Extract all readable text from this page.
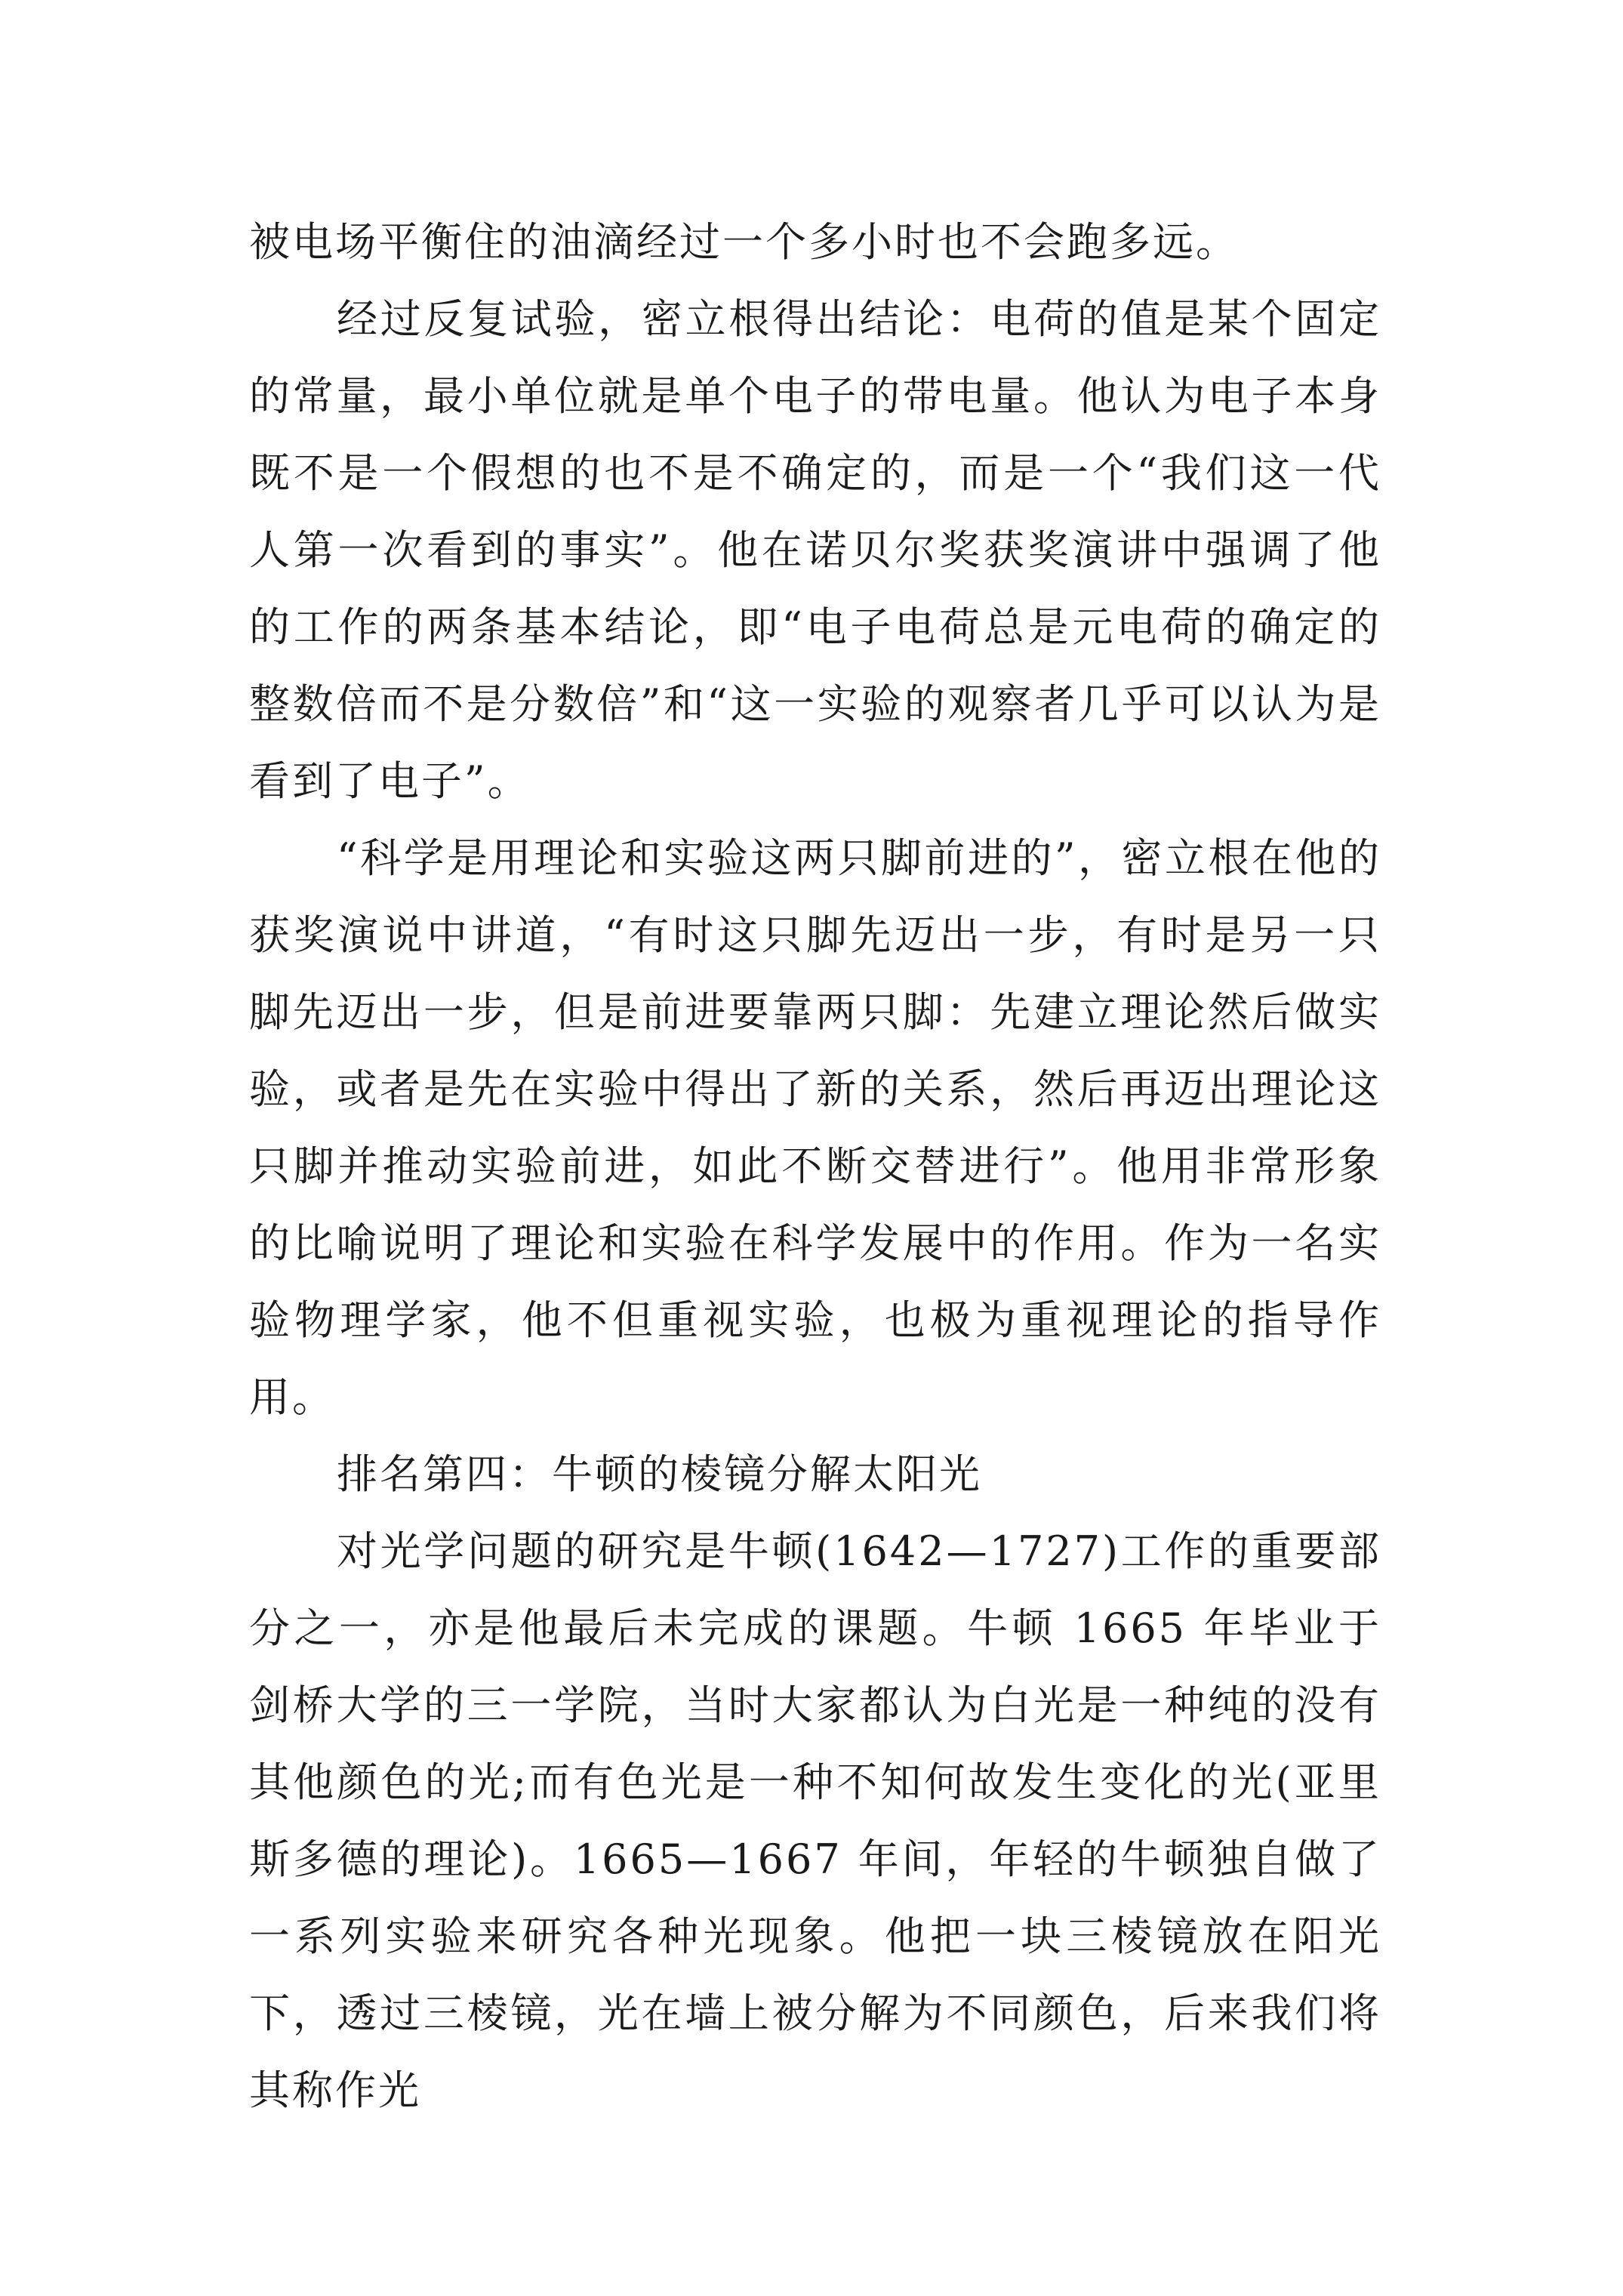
被电场平衡住的油滴经过一个多小时也不会跑多远。

经过反复试验，密立根得出结论：电荷的值是某个固定的常量，最小单位就是单个电子的带电量。他认为电子本身既不是一个假想的也不是不确定的，而是一个“我们这一代人第一次看到的事实”。他在诺贝尔奖获奖演讲中强调了他的工作的两条基本结论，即“电子电荷总是元电荷的确定的整数倍而不是分数倍”和“这一实验的观察者几乎可以认为是看到了电子”。

“科学是用理论和实验这两只脚前进的”，密立根在他的获奖演说中讲道，“有时这只脚先迈出一步，有时是另一只脚先迈出一步，但是前进要靠两只脚：先建立理论然后做实验，或者是先在实验中得出了新的关系，然后再迈出理论这只脚并推动实验前进，如此不断交替进行”。他用非常形象的比喻说明了理论和实验在科学发展中的作用。作为一名实验物理学家，他不但重视实验，也极为重视理论的指导作用。

排名第四：牛顿的棱镜分解太阳光

对光学问题的研究是牛顿(1642—1727)工作的重要部分之一，亦是他最后未完成的课题。牛顿 1665 年毕业于剑桥大学的三一学院，当时大家都认为白光是一种纯的没有其他颜色的光;而有色光是一种不知何故发生变化的光(亚里斯多德的理论)。1665—1667 年间，年轻的牛顿独自做了一系列实验来研究各种光现象。他把一块三棱镜放在阳光下，透过三棱镜，光在墙上被分解为不同颜色，后来我们将其称作光
